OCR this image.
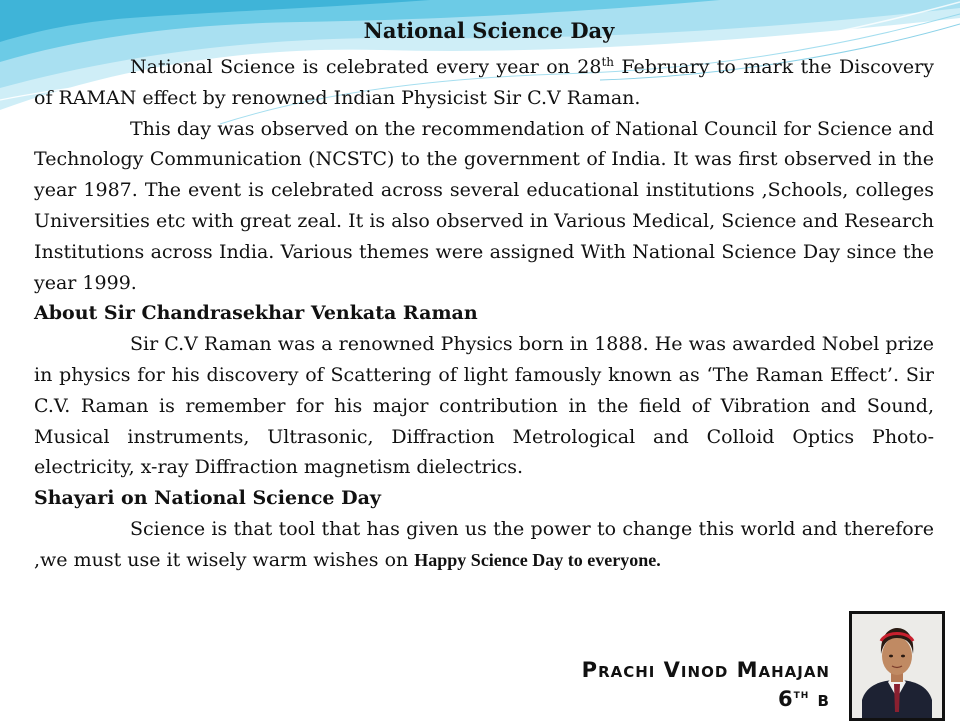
National Science Day

National Science is celebrated every year on 28th February to mark the Discovery of RAMAN effect by renowned Indian Physicist Sir C.V Raman.

This day was observed on the recommendation of National Council for Science and Technology Communication (NCSTC) to the government of India. It was first observed in the year 1987. The event is celebrated across several educational institutions ,Schools, colleges Universities etc with great zeal. It is also observed in Various Medical, Science and Research Institutions across India. Various themes were assigned With National Science Day since the year 1999.

About Sir Chandrasekhar Venkata Raman

Sir C.V Raman was a renowned Physics born in 1888. He was awarded Nobel prize in physics for his discovery of Scattering of light famously known as ‘The Raman Effect’. Sir C.V. Raman is remember for his major contribution in the field of Vibration and Sound, Musical instruments, Ultrasonic, Diffraction Metrological and Colloid Optics Photo-electricity, x-ray Diffraction magnetism dielectrics.

Shayari on National Science Day

Science is that tool that has given us the power to change this world and therefore ,we must use it wisely warm wishes on Happy Science Day to everyone.

Prachi Vinod Mahajan
6th b
